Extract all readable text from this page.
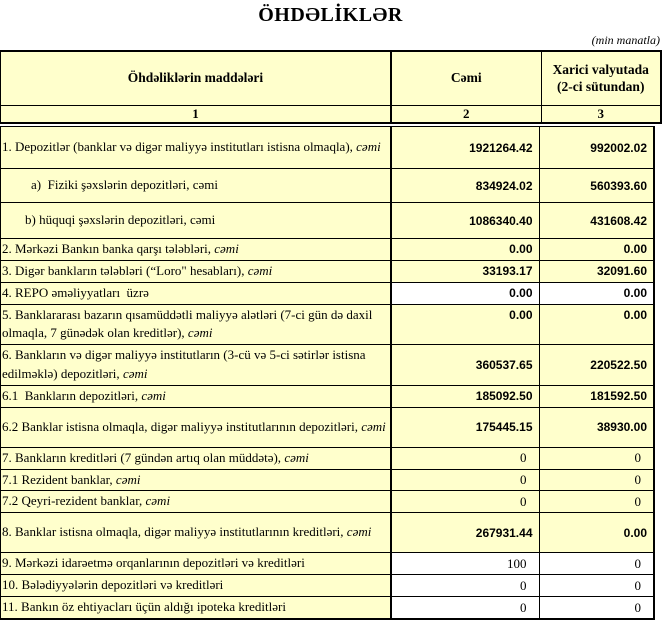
ÖHDƏLİKLƏR
(min manatla)
Öhdəliklərin maddələri	Cəmi	Xarici valyutada (2-ci sütundan)
1	2	3
1. Depozitlər (banklar və digər maliyyə institutları istisna olmaqla), cəmi	1921264.42	992002.02
a)  Fiziki şəxslərin depozitləri, cəmi	834924.02	560393.60
b) hüquqi şəxslərin depozitləri, cəmi	1086340.40	431608.42
2. Mərkəzi Bankın banka qarşı tələbləri, cəmi	0.00	0.00
3. Digər bankların tələbləri (“Loro" hesabları), cəmi	33193.17	32091.60
4. REPO əməliyyatları  üzrə	0.00	0.00
5. Banklararası bazarın qısamüddətli maliyyə alətləri (7-ci gün də daxil olmaqla, 7 günədək olan kreditlər), cəmi	0.00	0.00
6. Bankların və digər maliyyə institutların (3-cü və 5-ci sətirlər istisna edilməklə) depozitləri, cəmi	360537.65	220522.50
6.1  Bankların depozitləri, cəmi	185092.50	181592.50
6.2 Banklar istisna olmaqla, digər maliyyə institutlarının depozitləri, cəmi	175445.15	38930.00
7. Bankların kreditləri (7 gündən artıq olan müddətə), cəmi	0	0
7.1 Rezident banklar, cəmi	0	0
7.2 Qeyri-rezident banklar, cəmi	0	0
8. Banklar istisna olmaqla, digər maliyyə institutlarının kreditləri, cəmi	267931.44	0.00
9. Mərkəzi idarəetmə orqanlarının depozitləri və kreditləri	100	0
10. Bələdiyyələrin depozitləri və kreditləri	0	0
11. Bankın öz ehtiyacları üçün aldığı ipoteka kreditləri	0	0
